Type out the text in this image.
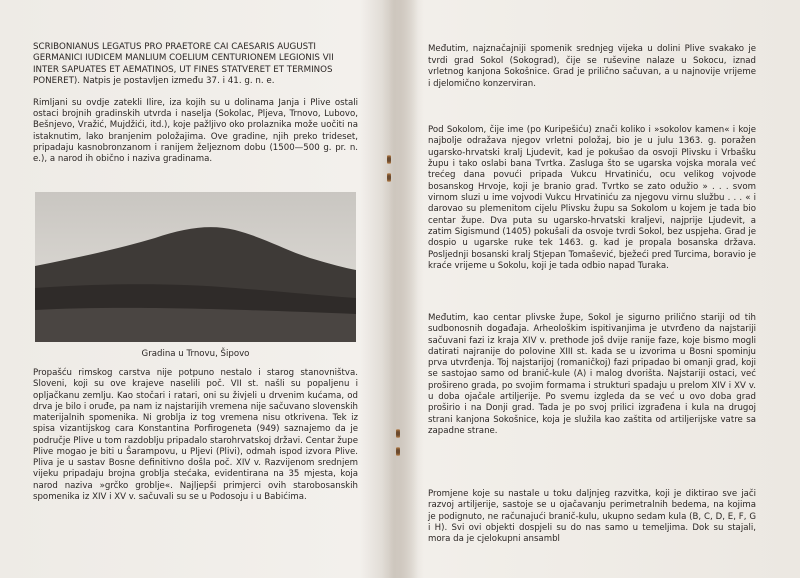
SCRIBONIANUS LEGATUS PRO PRAETORE CAI CAESARIS AUGUSTI GERMANICI IUDICEM MANLIUM COELIUM CENTURIONEM LEGIONIS VII INTER SAPUATES ET AEMATINOS, UT FINES STATVERET ET TERMINOS PONERET). Natpis je postavljen između 37. i 41. g. n. e.

Rimljani su ovdje zatekli Ilire, iza kojih su u dolinama Janja i Plive ostali ostaci brojnih gradinskih utvrda i naselja (Sokolac, Pljeva, Trnovo, Lubovo, Bešnjevo, Vražić, Mujdžići, itd.), koje pažljivo oko prolaznika može uočiti na istaknutim, lako branjenim položajima. Ove gradine, njih preko trideset, pripadaju kasnobronzanom i ranijem željeznom dobu (1500—500 g. pr. n. e.), a narod ih obično i naziva gradinama.

Gradina u Trnovu, Šipovo

Propašću rimskog carstva nije potpuno nestalo i starog stanovništva. Sloveni, koji su ove krajeve naselili poč. VII st. našli su popaljenu i opljačkanu zemlju. Kao stočari i ratari, oni su živjeli u drvenim kućama, od drva je bilo i oruđe, pa nam iz najstarijih vremena nije sačuvano slovenskih materijalnih spomenika. Ni groblja iz tog vremena nisu otkrivena. Tek iz spisa vizantijskog cara Konstantina Porfirogeneta (949) saznajemo da je područje Plive u tom razdoblju pripadalo starohrvatskoj državi. Centar župe Plive mogao je biti u Šarampovu, u Pljevi (Plivi), odmah ispod izvora Plive. Pliva je u sastav Bosne definitivno došla poč. XIV v. Razvijenom srednjem vijeku pripadaju brojna groblja stećaka, evidentirana na 35 mjesta, koja narod naziva »grčko groblje«. Najljepši primjerci ovih starobosanskih spomenika iz XIV i XV v. sačuvali su se u Podosoju i u Babićima.

Međutim, najznačajniji spomenik srednjeg vijeka u dolini Plive svakako je tvrdi grad Sokol (Sokograd), čije se ruševine nalaze u Sokocu, iznad vrletnog kanjona Sokošnice. Grad je prilično sačuvan, a u najnovije vrijeme i djelomično konzerviran.

Pod Sokolom, čije ime (po Kuripešiću) znači koliko i »sokolov kamen« i koje najbolje odražava njegov vrletni položaj, bio je u julu 1363. g. poražen ugarsko-hrvatski kralj Ljudevit, kad je pokušao da osvoji Plivsku i Vrbašku župu i tako oslabi bana Tvrtka. Zasluga što se ugarska vojska morala već trećeg dana povući pripada Vukcu Hrvatiniću, ocu velikog vojvode bosanskog Hrvoje, koji je branio grad. Tvrtko se zato odužio » . . . svom virnom sluzi u ime vojvodi Vukcu Hrvatiniću za njegovu virnu službu . . . « i darovao su plemenitom cijelu Plivsku župu sa Sokolom u kojem je tada bio centar župe. Dva puta su ugarsko-hrvatski kraljevi, najprije Ljudevit, a zatim Sigismund (1405) pokušali da osvoje tvrdi Sokol, bez uspjeha. Grad je dospio u ugarske ruke tek 1463. g. kad je propala bosanska država. Posljednji bosanski kralj Stjepan Tomašević, bježeći pred Turcima, boravio je kraće vrijeme u Sokolu, koji je tada odbio napad Turaka.

Međutim, kao centar plivske župe, Sokol je sigurno prilično stariji od tih sudbonosnih događaja. Arheološkim ispitivanjima je utvrđeno da najstariji sačuvani fazi iz kraja XIV v. prethode još dvije ranije faze, koje bismo mogli datirati najranije do polovine XIII st. kada se u izvorima u Bosni spominju prva utvrđenja. Toj najstarijoj (romaničkoj) fazi pripadao bi omanji grad, koji se sastojao samo od branič-kule (A) i malog dvorišta. Najstariji ostaci, već prošireno grada, po svojim formama i strukturi spadaju u prelom XIV i XV v. u doba ojačale artiljerije. Po svemu izgleda da se već u ovo doba grad proširio i na Donji grad. Tada je po svoj prilici izgrađena i kula na drugoj strani kanjona Sokošnice, koja je služila kao zaštita od artiljerijske vatre sa zapadne strane.

Promjene koje su nastale u toku daljnjeg razvitka, koji je diktirao sve jači razvoj artiljerije, sastoje se u ojačavanju perimetralnih bedema, na kojima je podignuto, ne računajući branič-kulu, ukupno sedam kula (B, C, D, E, F, G i H). Svi ovi objekti dospjeli su do nas samo u temeljima. Dok su stajali, mora da je cjelokupni ansambl
